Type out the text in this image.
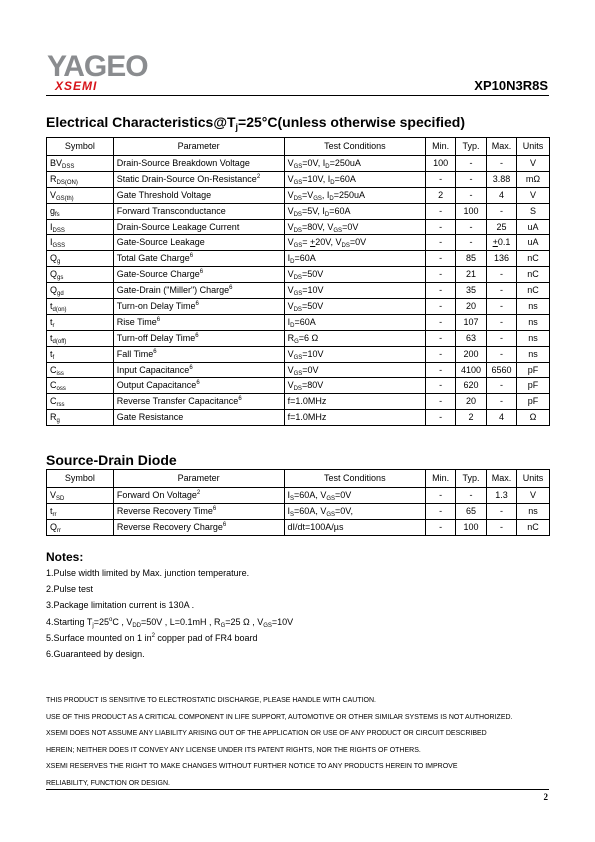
YAGEO
XSEMI	XP10N3R8S
Electrical $Characteristics@T_j=25^\circ C(unless$ otherwise specified)
Symbol	Parameter	Test Conditions	Min.	Typ.	Max.	Units
$BV_{DSS}$	Drain-Source Breakdown Voltage	$V_{GS}=0V$, $I_D=250uA$	100	-	-	V
$R_{DS(ON)}$	Static Drain-Source On-Resistance$^2$	$V_{GS}=10V$, $I_D=60A$	-	-	3.88	mΩ
$V_{GS(th)}$	Gate Threshold Voltage	$V_{DS}=V_{GS}$, $I_D=250uA$	2	-	4	V
$g_{fs}$	Forward Transconductance	$V_{DS}=5V$, $I_D=60A$	-	100	-	S
$I_{DSS}$	Drain-Source Leakage Current	$V_{DS}=80V$, $V_{GS}=0V$	-	-	25	uA
$I_{GSS}$	Gate-Source Leakage	$V_{GS}= +20V$, $V_{DS}=0V$	-	-	+0.1	uA
$Q_g$	Total Gate Charge$^6$	$I_D=60A$	-	85	136	nC
$Q_{gs}$	Gate-Source Charge$^6$	$V_{DS}=50V$	-	21	-	nC
$Q_{gd}$	Gate-Drain ("Miller") Charge$^6$	$V_{GS}=10V$	-	35	-	nC
$t_{d(on)}$	Turn-on Delay Time$^6$	$V_{DS}=50V$	-	20	-	ns
$t_r$	Rise Time$^6$	$I_D=60A$	-	107	-	ns
$t_{d(off)}$	Turn-off Delay Time$^6$	$R_G=6$ Ω	-	63	-	ns
$t_f$	Fall Time$^6$	$V_{GS}=10V$	-	200	-	ns
$C_{iss}$	Input Capacitance$^6$	$V_{GS}=0V$	-	4100	6560	pF
$C_{oss}$	Output Capacitance$^6$	$V_{DS}=80V$	-	620	-	pF
$C_{rss}$	Reverse Transfer Capacitance$^6$	f=1.0MHz	-	20	-	pF
$R_g$	Gate Resistance	f=1.0MHz	-	2	4	Ω
Source-Drain Diode
Symbol	Parameter	Test Conditions	Min.	Typ.	Max.	Units
$V_{SD}$	Forward On Voltage$^2$	$I_S=60A$, $V_{GS}=0V$	-	-	1.3	V
$t_{rr}$	Reverse Recovery Time$^6$	$I_S=60A$, $V_{GS}=0V$,	-	65	-	ns
$Q_{rr}$	Reverse Recovery Charge$^6$	dI/dt=100A/µs	-	100	-	nC
Notes:
1.Pulse width limited by Max. junction temperature.
2.Pulse test
3.Package limitation current is 130A .
4.Starting $T_j=25^oC$ , $V_{DD}=50V$ , L=0.1mH , $R_G=25$ Ω , $V_{GS}=10V$
5.Surface mounted on 1 $in^2$ copper pad of FR4 board
6.Guaranteed by design.
THIS PRODUCT IS SENSITIVE TO ELECTROSTATIC DISCHARGE, PLEASE HANDLE WITH CAUTION.
USE OF THIS PRODUCT AS A CRITICAL COMPONENT IN LIFE SUPPORT, AUTOMOTIVE OR OTHER SIMILAR SYSTEMS IS NOT AUTHORIZED.
XSEMI DOES NOT ASSUME ANY LIABILITY ARISING OUT OF THE APPLICATION OR USE OF ANY PRODUCT OR CIRCUIT DESCRIBED
HEREIN; NEITHER DOES IT CONVEY ANY LICENSE UNDER ITS PATENT RIGHTS, NOR THE RIGHTS OF OTHERS.
XSEMI RESERVES THE RIGHT TO MAKE CHANGES WITHOUT FURTHER NOTICE TO ANY PRODUCTS HEREIN TO IMPROVE
RELIABILITY, FUNCTION OR DESIGN.
2
